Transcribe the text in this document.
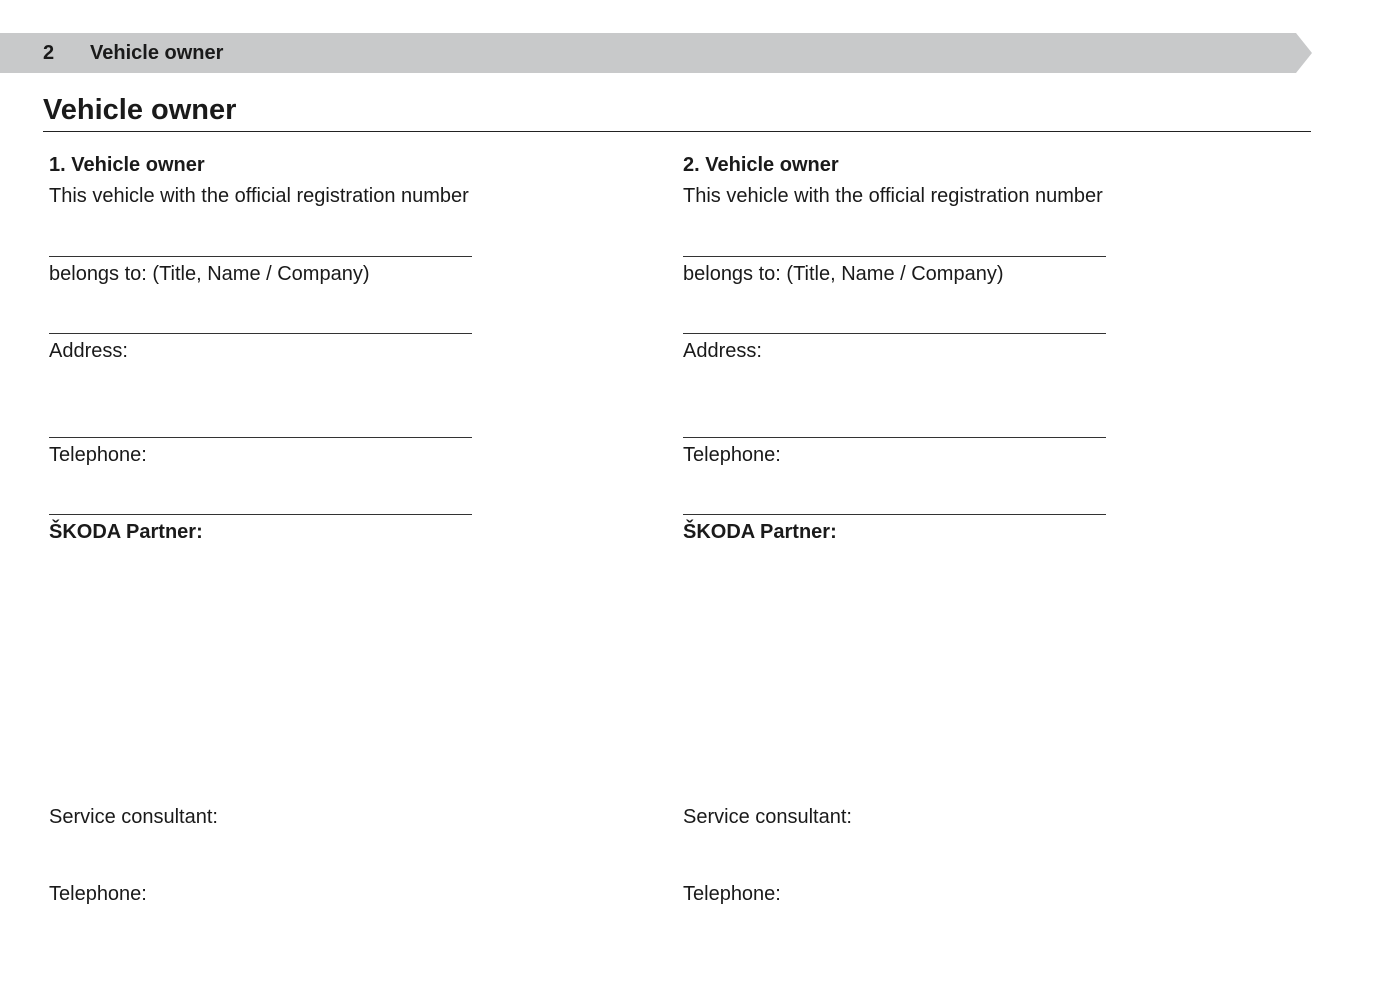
2 Vehicle owner
Vehicle owner
1. Vehicle owner
This vehicle with the official registration number
belongs to: (Title, Name / Company)
Address:
Telephone:
ŠKODA Partner:
Service consultant:
Telephone:
2. Vehicle owner
This vehicle with the official registration number
belongs to: (Title, Name / Company)
Address:
Telephone:
ŠKODA Partner:
Service consultant:
Telephone:
